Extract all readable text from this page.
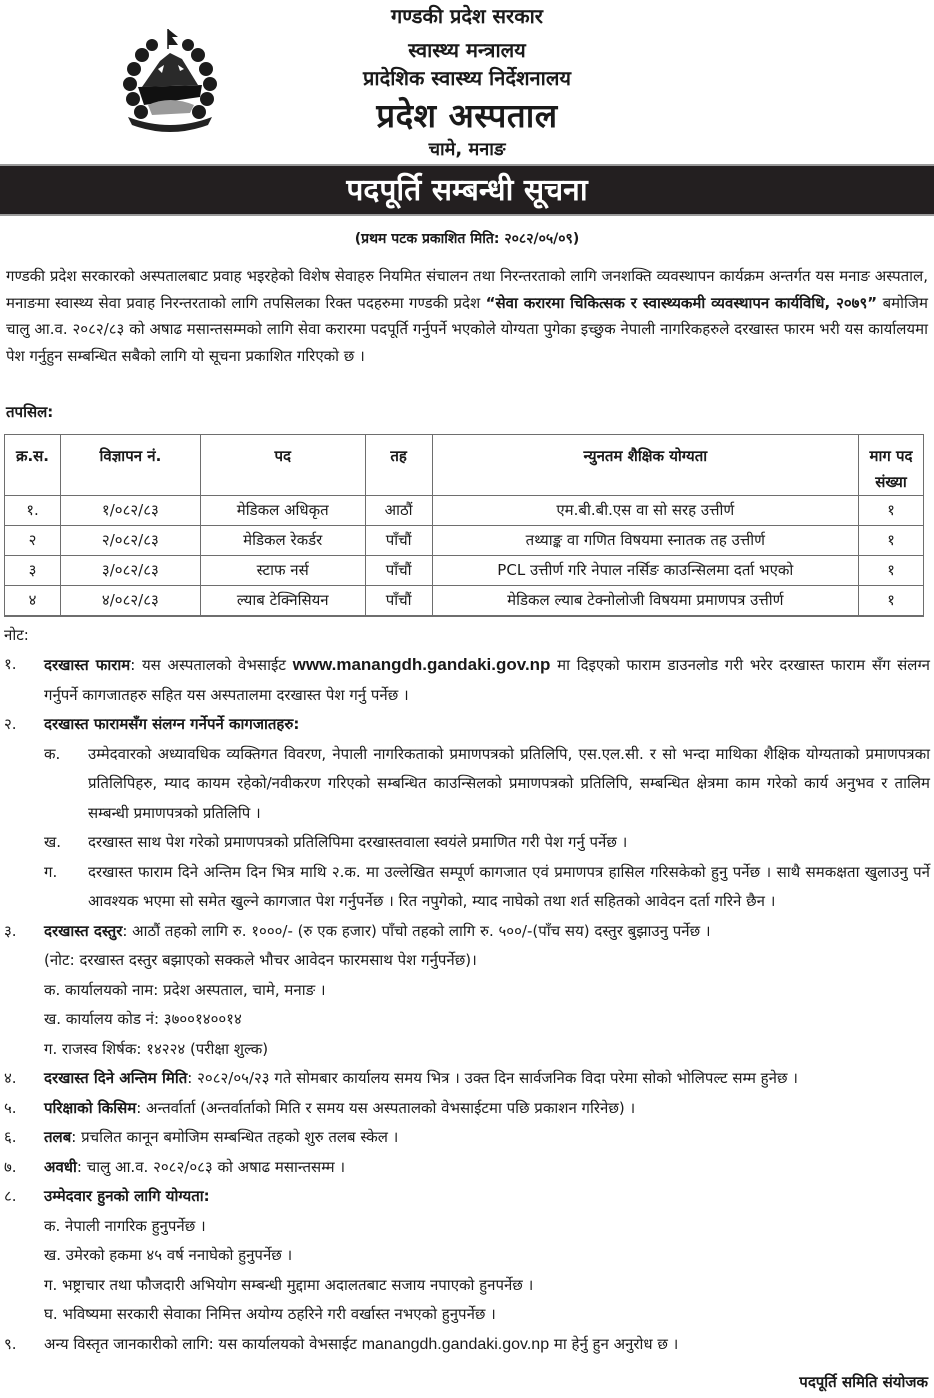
गण्डकी प्रदेश सरकार
स्वास्थ्य मन्त्रालय
प्रादेशिक स्वास्थ्य निर्देशनालय
प्रदेश अस्पताल
चामे, मनाङ
पदपूर्ति सम्बन्धी सूचना
(प्रथम पटक प्रकाशित मिति: २०८२/०५/०९)
गण्डकी प्रदेश सरकारको अस्पतालबाट प्रवाह भइरहेको विशेष सेवाहरु नियमित संचालन तथा निरन्तरताको लागि जनशक्ति व्यवस्थापन कार्यक्रम अन्तर्गत यस मनाङ अस्पताल, मनाङमा स्वास्थ्य सेवा प्रवाह निरन्तरताको लागि तपसिलका रिक्त पदहरुमा गण्डकी प्रदेश “सेवा करारमा चिकित्सक र स्वास्थ्यकमी व्यवस्थापन कार्यविधि, २०७९” बमोजिम चालु आ.व. २०८२/८३ को अषाढ मसान्तसम्मको लागि सेवा करारमा पदपूर्ति गर्नुपर्ने भएकोले योग्यता पुगेका इच्छुक नेपाली नागरिकहरुले दरखास्त फारम भरी यस कार्यालयमा पेश गर्नुहुन सम्बन्धित सबैको लागि यो सूचना प्रकाशित गरिएको छ ।
तपसिल:
क्र.स.	विज्ञापन नं.	पद	तह	न्युनतम शैक्षिक योग्यता	माग पद संख्या
१.	१/०८२/८३	मेडिकल अधिकृत	आठौं	एम.बी.बी.एस वा सो सरह उत्तीर्ण	१
२	२/०८२/८३	मेडिकल रेकर्डर	पाँचौं	तथ्याङ्क वा गणित विषयमा स्नातक तह उत्तीर्ण	१
३	३/०८२/८३	स्टाफ नर्स	पाँचौं	PCL उत्तीर्ण गरि नेपाल नर्सिङ काउन्सिलमा दर्ता भएको	१
४	४/०८२/८३	ल्याब टेक्निसियन	पाँचौं	मेडिकल ल्याब टेक्नोलोजी विषयमा प्रमाणपत्र उत्तीर्ण	१
नोट:
१.	दरखास्त फाराम: यस अस्पतालको वेभसाईट www.manangdh.gandaki.gov.np मा दिइएको फाराम डाउनलोड गरी भरेर दरखास्त फाराम सँग संलग्न गर्नुपर्ने कागजातहरु सहित यस अस्पतालमा दरखास्त पेश गर्नु पर्नेछ ।
२.	दरखास्त फारामसँग संलग्न गर्नेपर्ने कागजातहरु:
क.	उम्मेदवारको अध्यावधिक व्यक्तिगत विवरण, नेपाली नागरिकताको प्रमाणपत्रको प्रतिलिपि, एस.एल.सी. र सो भन्दा माथिका शैक्षिक योग्यताको प्रमाणपत्रका प्रतिलिपिहरु, म्याद कायम रहेको/नवीकरण गरिएको सम्बन्धित काउन्सिलको प्रमाणपत्रको प्रतिलिपि, सम्बन्धित क्षेत्रमा काम गरेको कार्य अनुभव र तालिम सम्बन्धी प्रमाणपत्रको प्रतिलिपि ।
ख.	दरखास्त साथ पेश गरेको प्रमाणपत्रको प्रतिलिपिमा दरखास्तवाला स्वयंले प्रमाणित गरी पेश गर्नु पर्नेछ ।
ग.	दरखास्त फाराम दिने अन्तिम दिन भित्र माथि २.क. मा उल्लेखित सम्पूर्ण कागजात एवं प्रमाणपत्र हासिल गरिसकेको हुनु पर्नेछ । साथै समकक्षता खुलाउनु पर्ने आवश्यक भएमा सो समेत खुल्ने कागजात पेश गर्नुपर्नेछ । रित नपुगेको, म्याद नाघेको तथा शर्त सहितको आवेदन दर्ता गरिने छैन ।
३.	दरखास्त दस्तुर: आठौं तहको लागि रु. १०००/- (रु एक हजार) पाँचो तहको लागि रु. ५००/-(पाँच सय) दस्तुर बुझाउनु पर्नेछ ।
(नोट: दरखास्त दस्तुर बझाएको सक्कले भौचर आवेदन फारमसाथ पेश गर्नुपर्नेछ)।
क. कार्यालयको नाम: प्रदेश अस्पताल, चामे, मनाङ ।
ख. कार्यालय कोड नं: ३७००१४००१४
ग. राजस्व शिर्षक: १४२२४ (परीक्षा शुल्क)
४.	दरखास्त दिने अन्तिम मिति: २०८२/०५/२३ गते सोमबार कार्यालय समय भित्र । उक्त दिन सार्वजनिक विदा परेमा सोको भोलिपल्ट सम्म हुनेछ ।
५.	परिक्षाको किसिम: अन्तर्वार्ता (अन्तर्वार्ताको मिति र समय यस अस्पतालको वेभसाईटमा पछि प्रकाशन गरिनेछ) ।
६.	तलब: प्रचलित कानून बमोजिम सम्बन्धित तहको शुरु तलब स्केल ।
७.	अवधी: चालु आ.व. २०८२/०८३ को अषाढ मसान्तसम्म ।
८.	उम्मेदवार हुनको लागि योग्यता:
क. नेपाली नागरिक हुनुपर्नेछ ।
ख. उमेरको हकमा ४५ वर्ष ननाघेको हुनुपर्नेछ ।
ग. भष्ट्राचार तथा फौजदारी अभियोग सम्बन्धी मुद्दामा अदालतबाट सजाय नपाएको हुनपर्नेछ ।
घ. भविष्यमा सरकारी सेवाका निमित्त अयोग्य ठहरिने गरी वर्खास्त नभएको हुनुपर्नेछ ।
९.	अन्य विस्तृत जानकारीको लागि: यस कार्यालयको वेभसाईट manangdh.gandaki.gov.np मा हेर्नु हुन अनुरोध छ ।
पदपूर्ति समिति संयोजक
